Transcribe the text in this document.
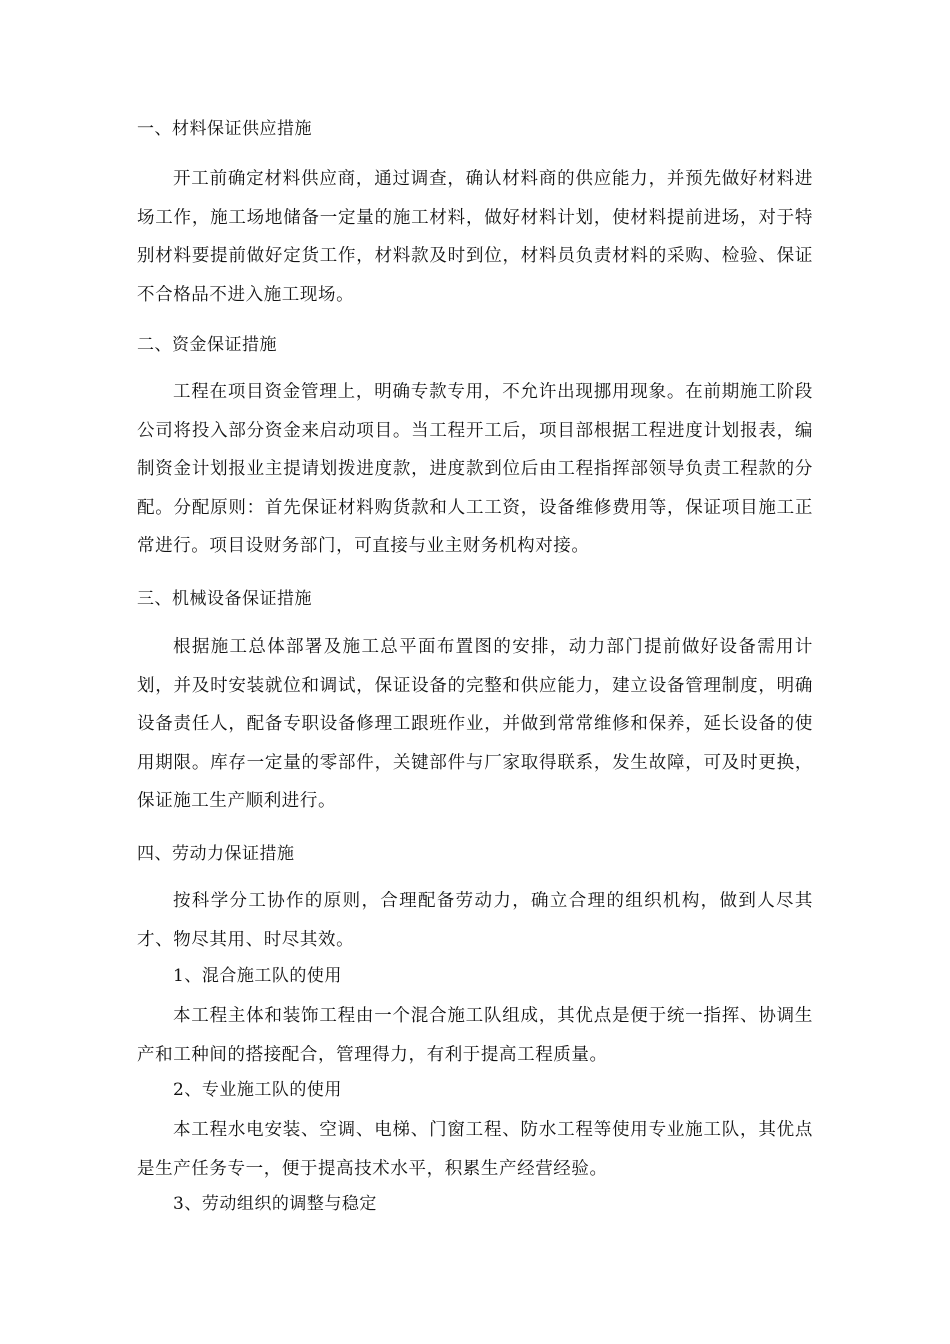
一、材料保证供应措施

开工前确定材料供应商，通过调查，确认材料商的供应能力，并预先做好材料进场工作，施工场地储备一定量的施工材料，做好材料计划，使材料提前进场，对于特别材料要提前做好定货工作，材料款及时到位，材料员负责材料的采购、检验、保证不合格品不进入施工现场。

二、资金保证措施

工程在项目资金管理上，明确专款专用，不允许出现挪用现象。在前期施工阶段公司将投入部分资金来启动项目。当工程开工后，项目部根据工程进度计划报表，编制资金计划报业主提请划拨进度款，进度款到位后由工程指挥部领导负责工程款的分配。分配原则：首先保证材料购货款和人工工资，设备维修费用等，保证项目施工正常进行。项目设财务部门，可直接与业主财务机构对接。

三、机械设备保证措施

根据施工总体部署及施工总平面布置图的安排，动力部门提前做好设备需用计划，并及时安装就位和调试，保证设备的完整和供应能力，建立设备管理制度，明确设备责任人，配备专职设备修理工跟班作业，并做到常常维修和保养，延长设备的使用期限。库存一定量的零部件，关键部件与厂家取得联系，发生故障，可及时更换，保证施工生产顺利进行。

四、劳动力保证措施

按科学分工协作的原则，合理配备劳动力，确立合理的组织机构，做到人尽其才、物尽其用、时尽其效。

1、混合施工队的使用

本工程主体和装饰工程由一个混合施工队组成，其优点是便于统一指挥、协调生产和工种间的搭接配合，管理得力，有利于提高工程质量。

2、专业施工队的使用

本工程水电安装、空调、电梯、门窗工程、防水工程等使用专业施工队，其优点是生产任务专一，便于提高技术水平，积累生产经营经验。

3、劳动组织的调整与稳定
